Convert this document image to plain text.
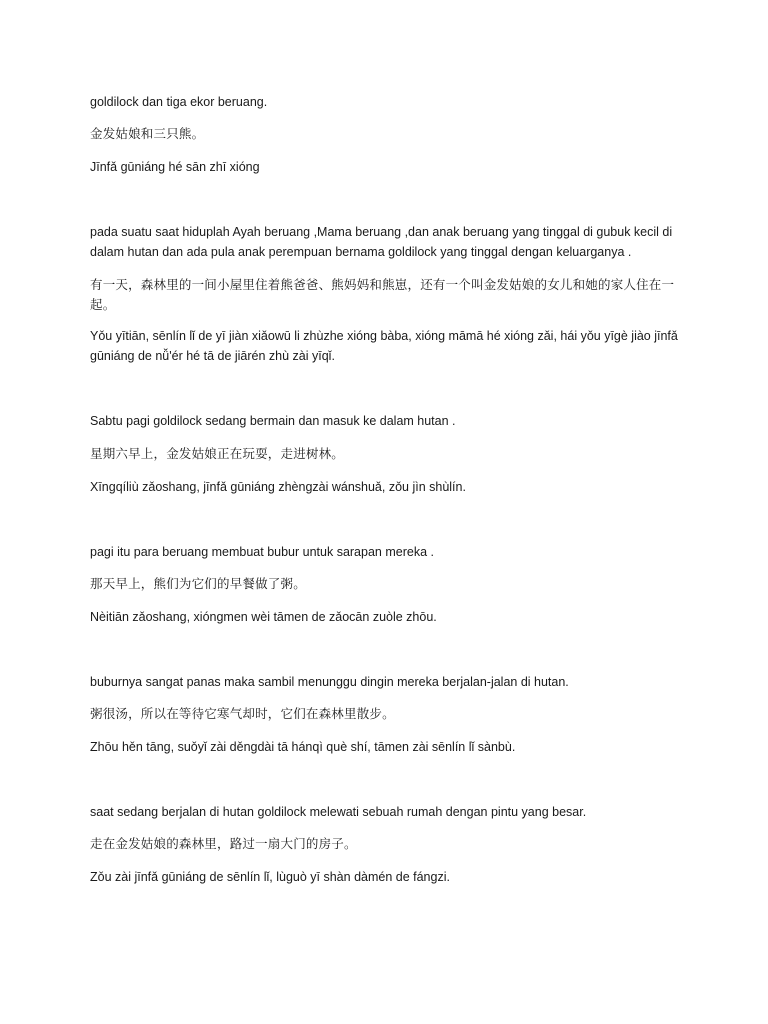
goldilock dan tiga ekor beruang.
金发姑娘和三只熊。
Jīnfǎ gūniáng hé sān zhī xióng
pada suatu saat hiduplah Ayah beruang ,Mama beruang ,dan anak beruang yang tinggal di gubuk kecil di dalam hutan dan ada pula anak perempuan bernama goldilock yang tinggal dengan keluarganya .
有一天，森林里的一间小屋里住着熊爸爸、熊妈妈和熊崽，还有一个叫金发姑娘的女儿和她的家人住在一起。
Yǒu yītiān, sēnlín lǐ de yī jiàn xiǎowū li zhùzhe xióng bàba, xióng māmā hé xióng zǎi, hái yǒu yīgè jiào jīnfǎ gūniáng de nǚ'ér hé tā de jiārén zhù zài yīqǐ.
Sabtu pagi goldilock sedang bermain dan masuk ke dalam hutan .
星期六早上，金发姑娘正在玩耍，走进树林。
Xīngqíliù zǎoshang, jīnfǎ gūniáng zhèngzài wánshuǎ, zǒu jìn shùlín.
pagi itu para beruang membuat bubur untuk sarapan mereka .
那天早上，熊们为它们的早餐做了粥。
Nèitiān zǎoshang, xióngmen wèi tāmen de zǎocān zuòle zhōu.
buburnya sangat panas maka sambil menunggu dingin mereka berjalan-jalan di hutan.
粥很汤，所以在等待它寒气却时，它们在森林里散步。
Zhōu hěn tāng, suǒyǐ zài děngdài tā hánqì què shí, tāmen zài sēnlín lǐ sànbù.
saat sedang berjalan di hutan goldilock melewati sebuah rumah dengan pintu yang besar.
走在金发姑娘的森林里，路过一扇大门的房子。
Zǒu zài jīnfǎ gūniáng de sēnlín lǐ, lùguò yī shàn dàmén de fángzi.
